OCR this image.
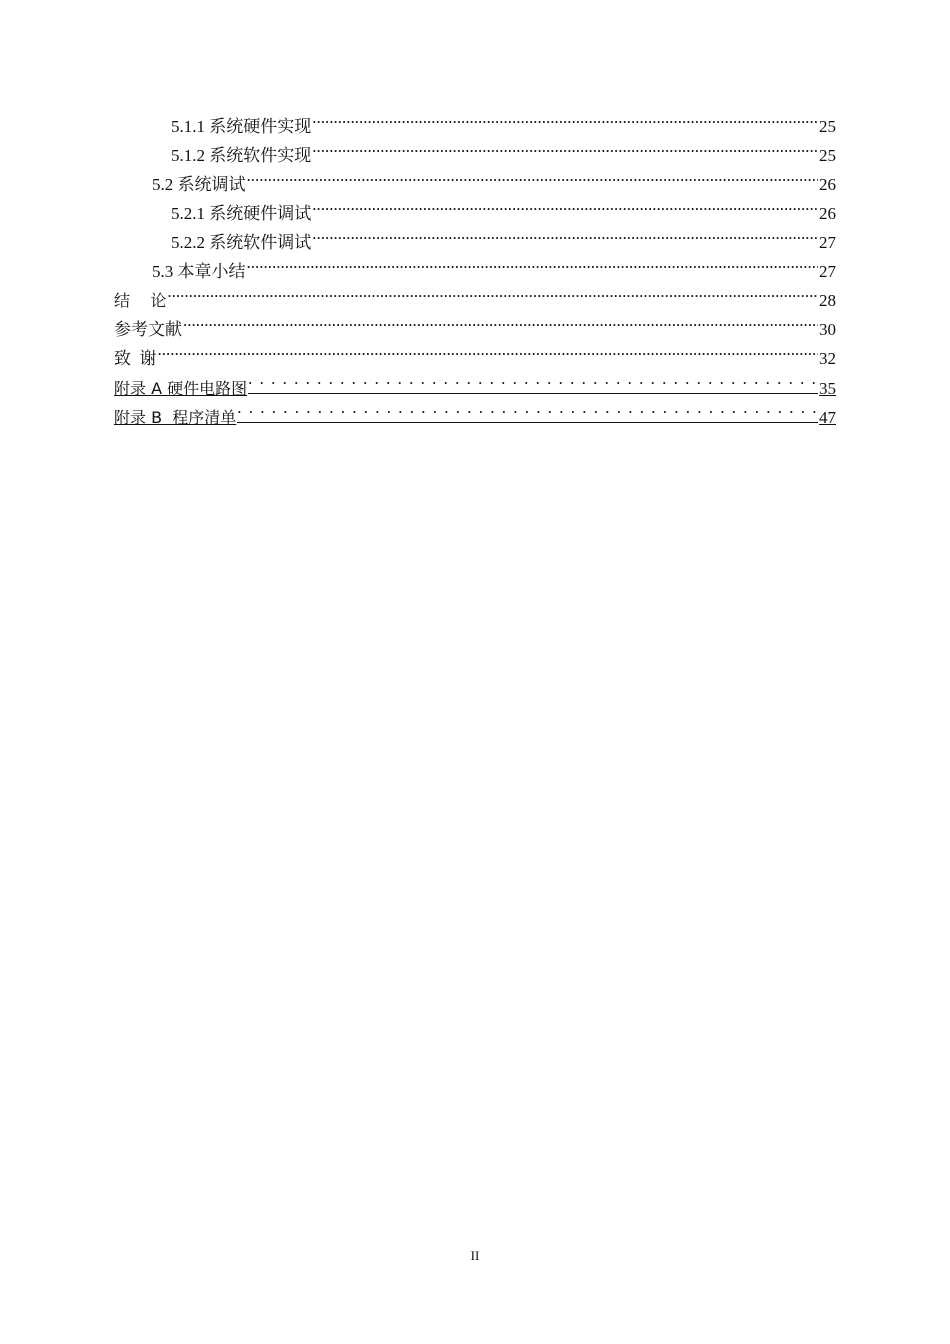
5.1.1 系统硬件实现 .....	25
5.1.2 系统软件实现 .....	25
5.2 系统调试 .....	26
5.2.1 系统硬件调试 .....	26
5.2.2 系统软件调试 .....	27
5.3 本章小结 .....	27
结    论 .....	28
参考文献 .....	30
致  谢 .....	32
附录 A 硬件电路图 . . .	35
附录 B  程序清单 . . .	47
II
